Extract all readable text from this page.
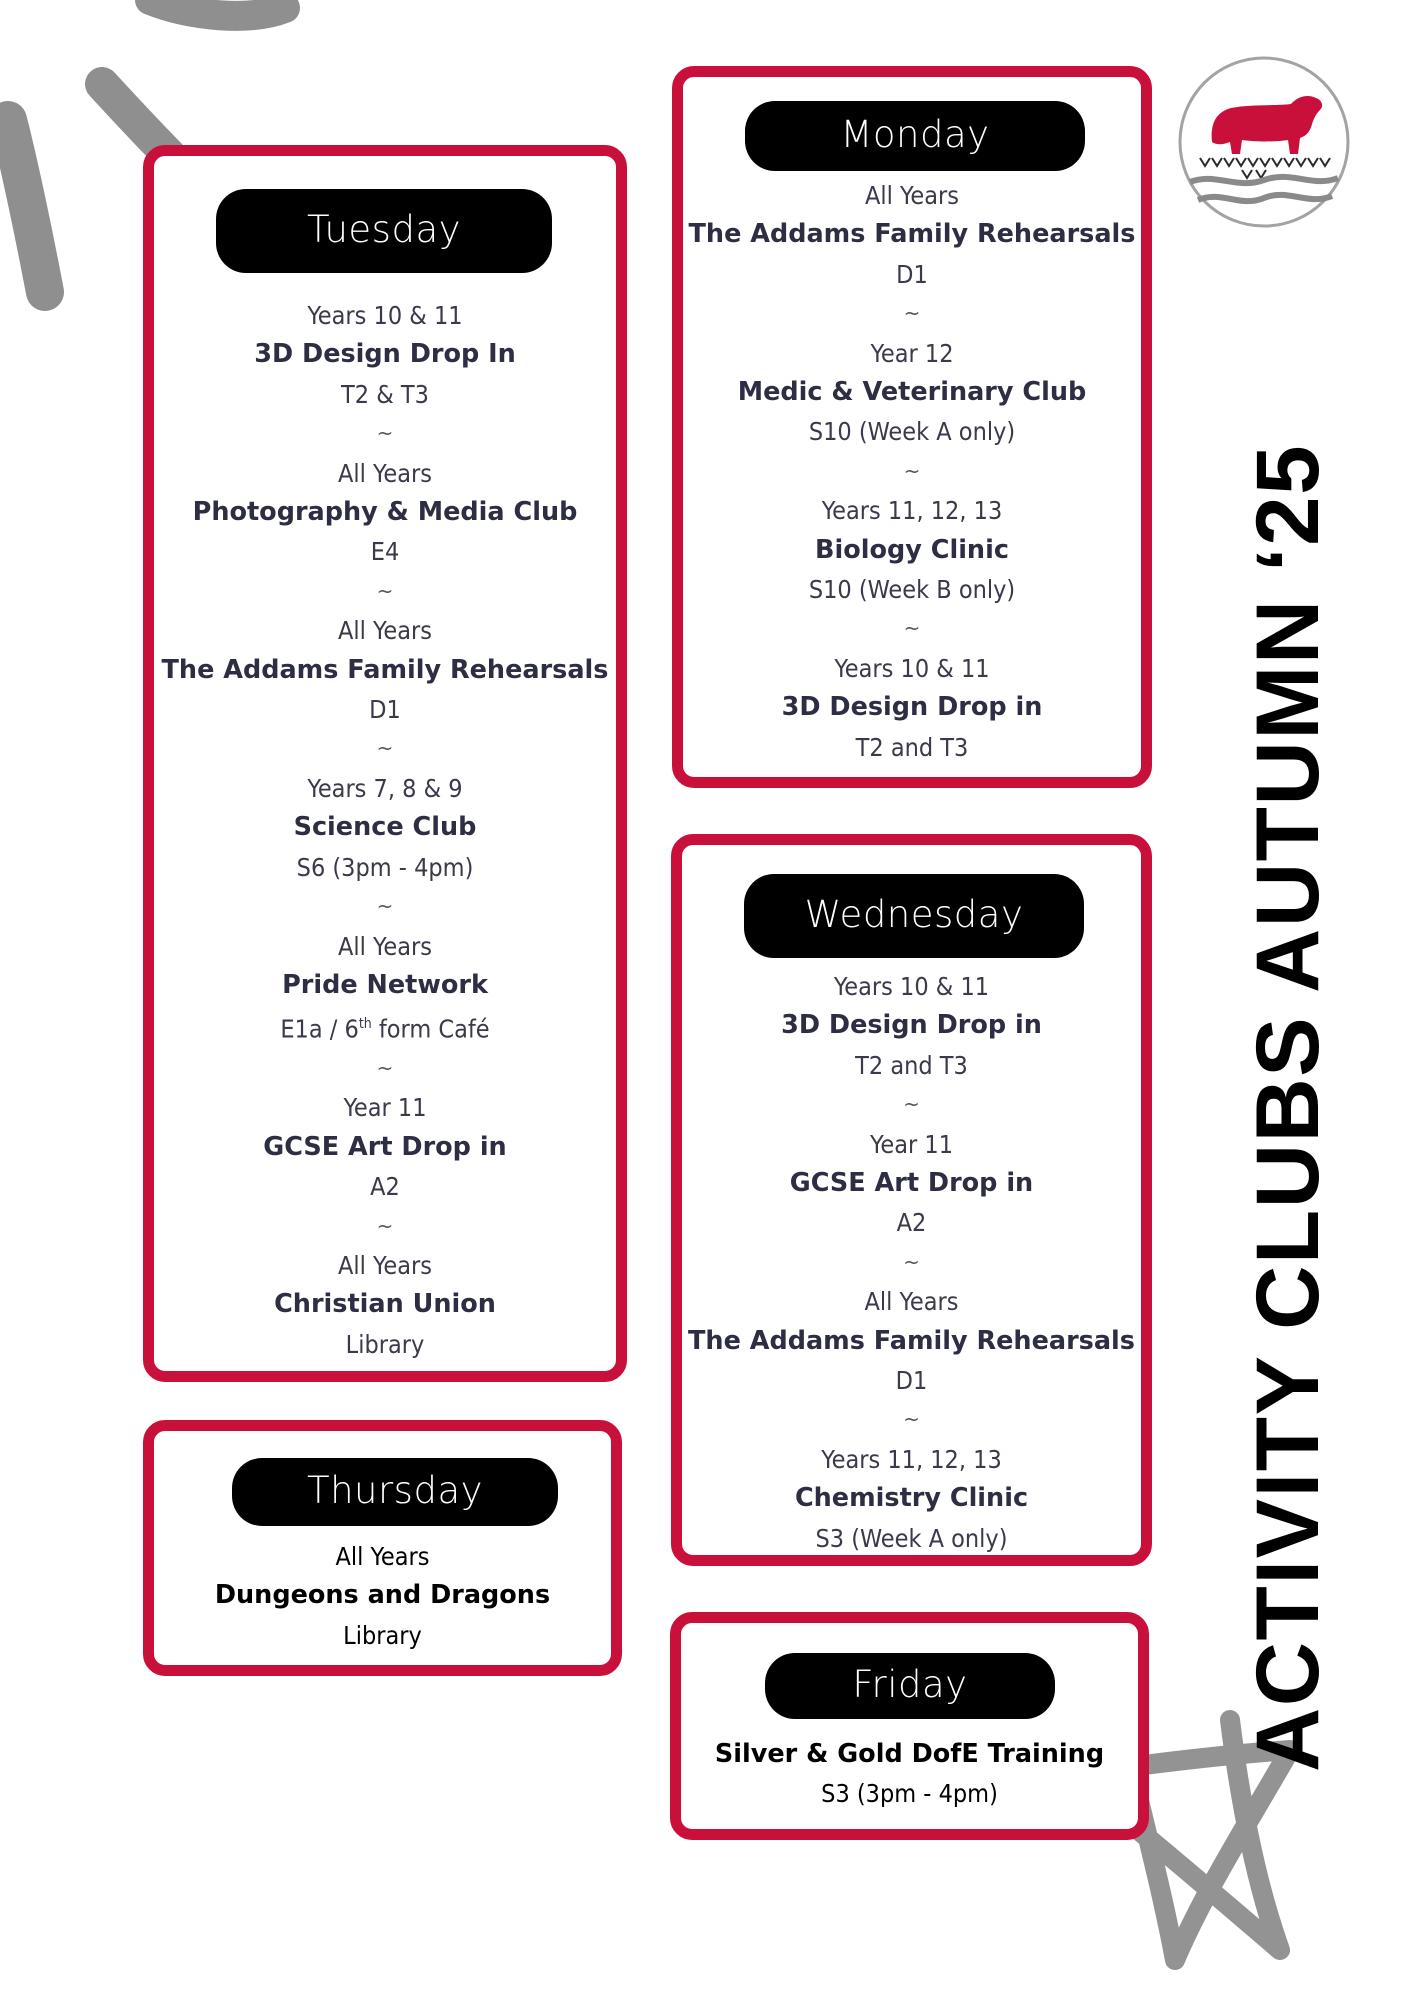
ACTIVITY CLUBS AUTUMN ‘25
Tuesday
Years 10 & 11
3D Design Drop In
T2 & T3
~
All Years
Photography & Media Club
E4
~
All Years
The Addams Family Rehearsals
D1
~
Years 7, 8 & 9
Science Club
S6 (3pm - 4pm)
~
All Years
Pride Network
E1a / 6th form Café
~
Year 11
GCSE Art Drop in
A2
~
All Years
Christian Union
Library
Thursday
All Years
Dungeons and Dragons
Library
Monday
All Years
The Addams Family Rehearsals
D1
~
Year 12
Medic & Veterinary Club
S10 (Week A only)
~
Years 11, 12, 13
Biology Clinic
S10 (Week B only)
~
Years 10 & 11
3D Design Drop in
T2 and T3
Wednesday
Years 10 & 11
3D Design Drop in
T2 and T3
~
Year 11
GCSE Art Drop in
A2
~
All Years
The Addams Family Rehearsals
D1
~
Years 11, 12, 13
Chemistry Clinic
S3 (Week A only)
Friday
Silver & Gold DofE Training
S3 (3pm - 4pm)
